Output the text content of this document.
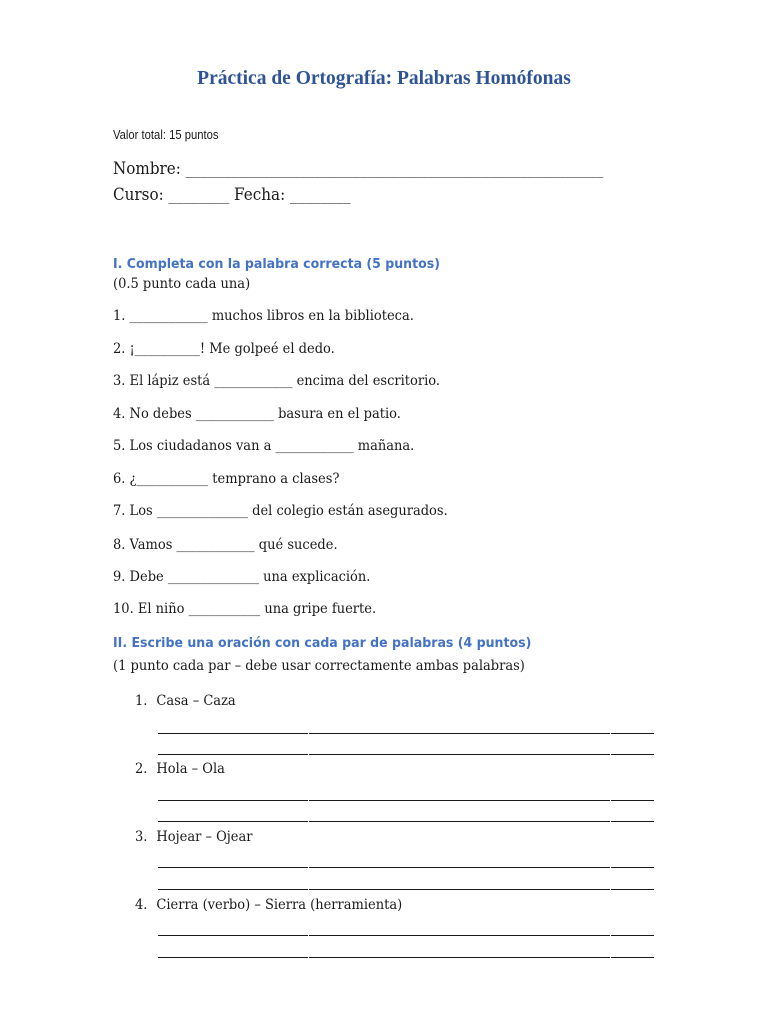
Práctica de Ortografía: Palabras Homófonas
Valor total: 15 puntos
Nombre: _______________________________________________________
Curso: ________ Fecha: ________
I. Completa con la palabra correcta (5 puntos)
(0.5 punto cada una)
1. ____________ muchos libros en la biblioteca.
2. ¡__________! Me golpeé el dedo.
3. El lápiz está ____________ encima del escritorio.
4. No debes ____________ basura en el patio.
5. Los ciudadanos van a ____________ mañana.
6. ¿___________ temprano a clases?
7. Los ______________ del colegio están asegurados.
8. Vamos ____________ qué sucede.
9. Debe ______________ una explicación.
10. El niño ___________ una gripe fuerte.
II. Escribe una oración con cada par de palabras (4 puntos)
(1 punto cada par – debe usar correctamente ambas palabras)
1. Casa – Caza
2. Hola – Ola
3. Hojear – Ojear
4. Cierra (verbo) – Sierra (herramienta)
